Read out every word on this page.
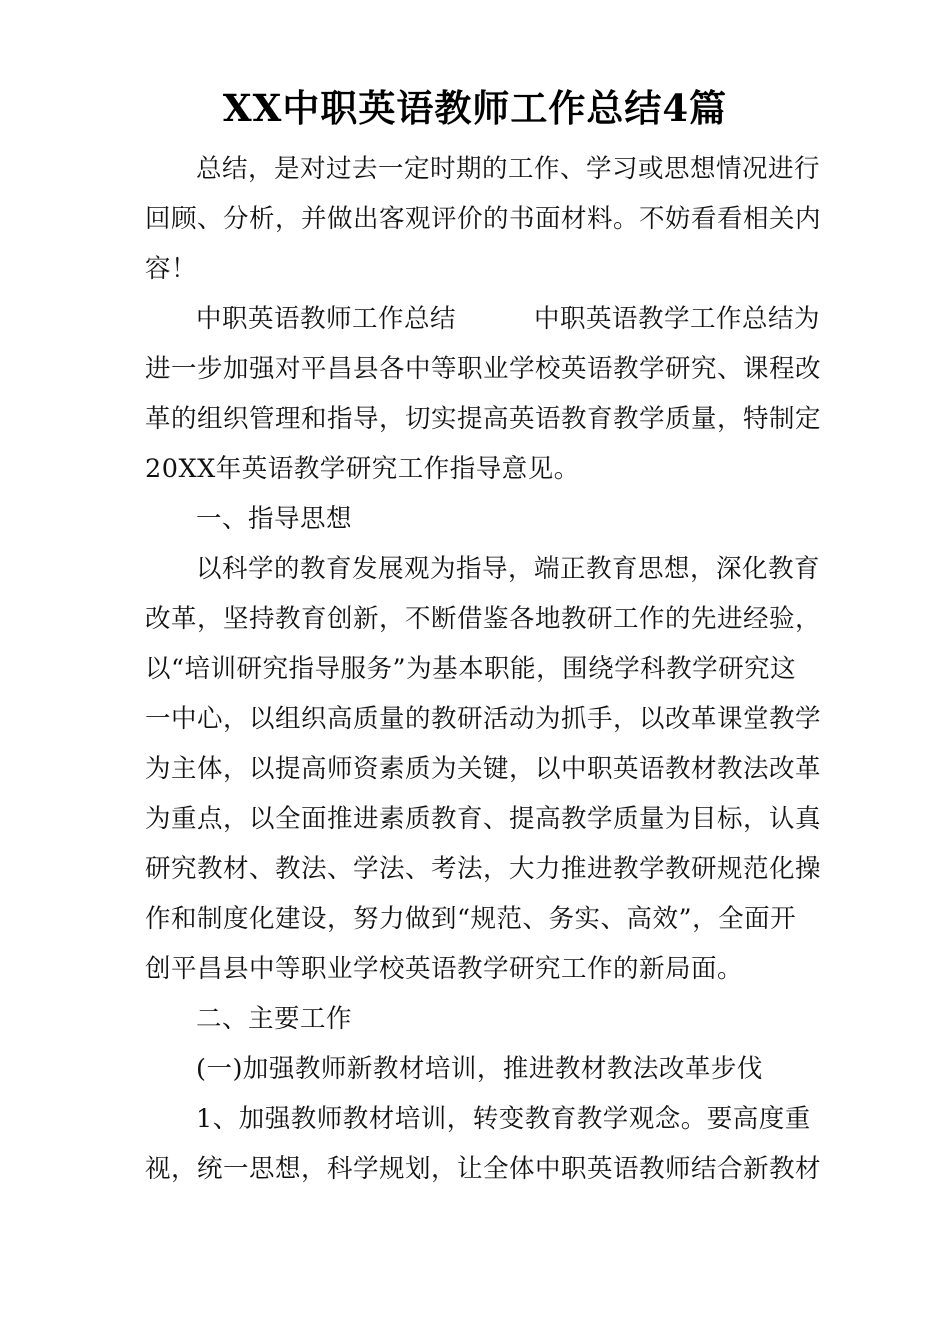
XX中职英语教师工作总结4篇
总结，是对过去一定时期的工作、学习或思想情况进行
回顾、分析，并做出客观评价的书面材料。不妨看看相关内
容！
中职英语教师工作总结　　　中职英语教学工作总结为
进一步加强对平昌县各中等职业学校英语教学研究、课程改
革的组织管理和指导，切实提高英语教育教学质量，特制定
20XX年英语教学研究工作指导意见。
一、指导思想
以科学的教育发展观为指导，端正教育思想，深化教育
改革，坚持教育创新，不断借鉴各地教研工作的先进经验，
以“培训研究指导服务”为基本职能，围绕学科教学研究这
一中心，以组织高质量的教研活动为抓手，以改革课堂教学
为主体，以提高师资素质为关键，以中职英语教材教法改革
为重点，以全面推进素质教育、提高教学质量为目标，认真
研究教材、教法、学法、考法，大力推进教学教研规范化操
作和制度化建设，努力做到“规范、务实、高效”，全面开
创平昌县中等职业学校英语教学研究工作的新局面。
二、主要工作
(一)加强教师新教材培训，推进教材教法改革步伐
1、加强教师教材培训，转变教育教学观念。要高度重
视，统一思想，科学规划，让全体中职英语教师结合新教材
